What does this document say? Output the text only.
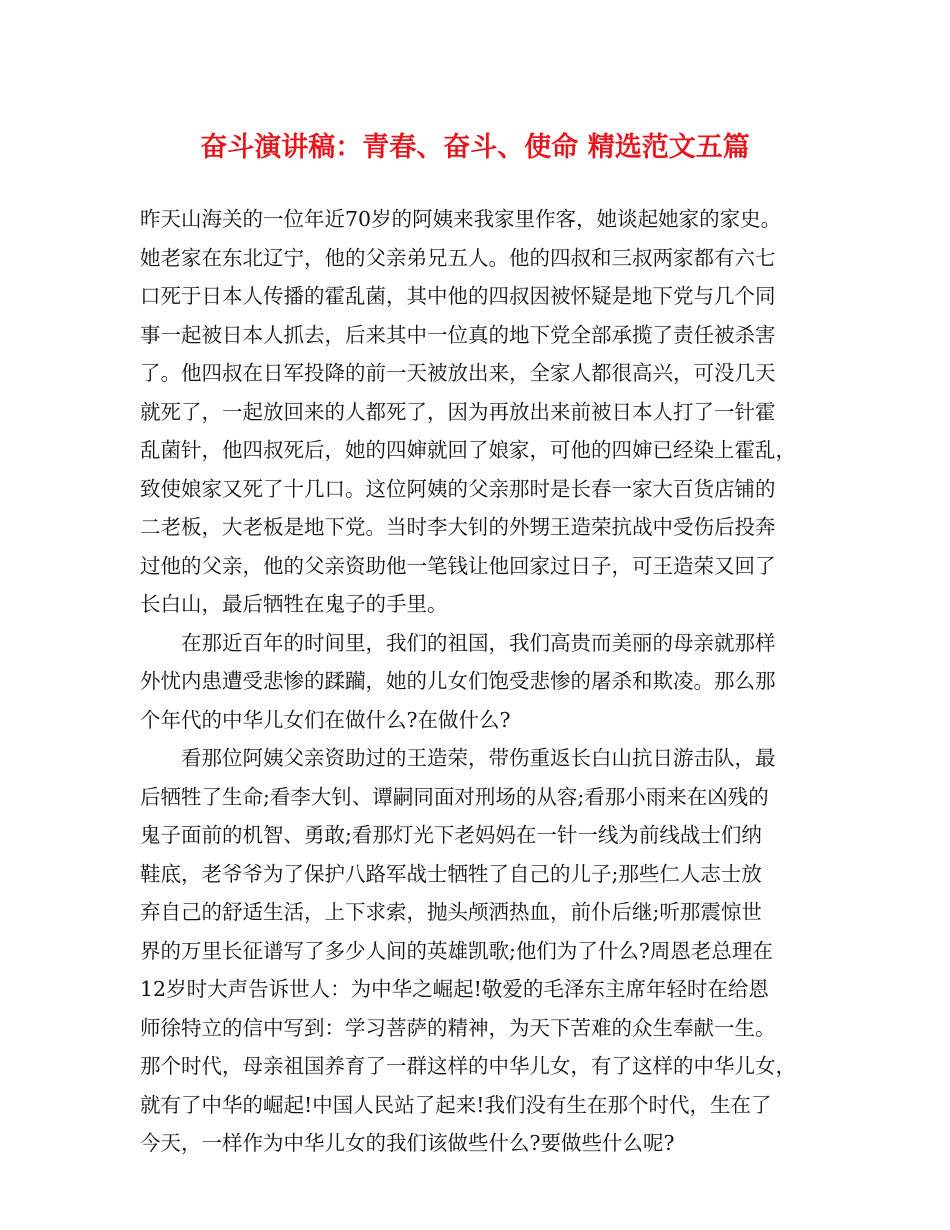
奋斗演讲稿：青春、奋斗、使命 精选范文五篇
昨天山海关的一位年近70岁的阿姨来我家里作客，她谈起她家的家史。
她老家在东北辽宁，他的父亲弟兄五人。他的四叔和三叔两家都有六七
口死于日本人传播的霍乱菌，其中他的四叔因被怀疑是地下党与几个同
事一起被日本人抓去，后来其中一位真的地下党全部承揽了责任被杀害
了。他四叔在日军投降的前一天被放出来，全家人都很高兴，可没几天
就死了，一起放回来的人都死了，因为再放出来前被日本人打了一针霍
乱菌针，他四叔死后，她的四婶就回了娘家，可他的四婶已经染上霍乱，
致使娘家又死了十几口。这位阿姨的父亲那时是长春一家大百货店铺的
二老板，大老板是地下党。当时李大钊的外甥王造荣抗战中受伤后投奔
过他的父亲，他的父亲资助他一笔钱让他回家过日子，可王造荣又回了
长白山，最后牺牲在鬼子的手里。
在那近百年的时间里，我们的祖国，我们高贵而美丽的母亲就那样
外忧内患遭受悲惨的蹂躏，她的儿女们饱受悲惨的屠杀和欺凌。那么那
个年代的中华儿女们在做什么?在做什么?
看那位阿姨父亲资助过的王造荣，带伤重返长白山抗日游击队，最
后牺牲了生命;看李大钊、谭嗣同面对刑场的从容;看那小雨来在凶残的
鬼子面前的机智、勇敢;看那灯光下老妈妈在一针一线为前线战士们纳
鞋底，老爷爷为了保护八路军战士牺牲了自己的儿子;那些仁人志士放
弃自己的舒适生活，上下求索，抛头颅洒热血，前仆后继;听那震惊世
界的万里长征谱写了多少人间的英雄凯歌;他们为了什么?周恩老总理在
12岁时大声告诉世人：为中华之崛起!敬爱的毛泽东主席年轻时在给恩
师徐特立的信中写到：学习菩萨的精神，为天下苦难的众生奉献一生。
那个时代，母亲祖国养育了一群这样的中华儿女，有了这样的中华儿女，
就有了中华的崛起!中国人民站了起来!我们没有生在那个时代，生在了
今天，一样作为中华儿女的我们该做些什么?要做些什么呢?
